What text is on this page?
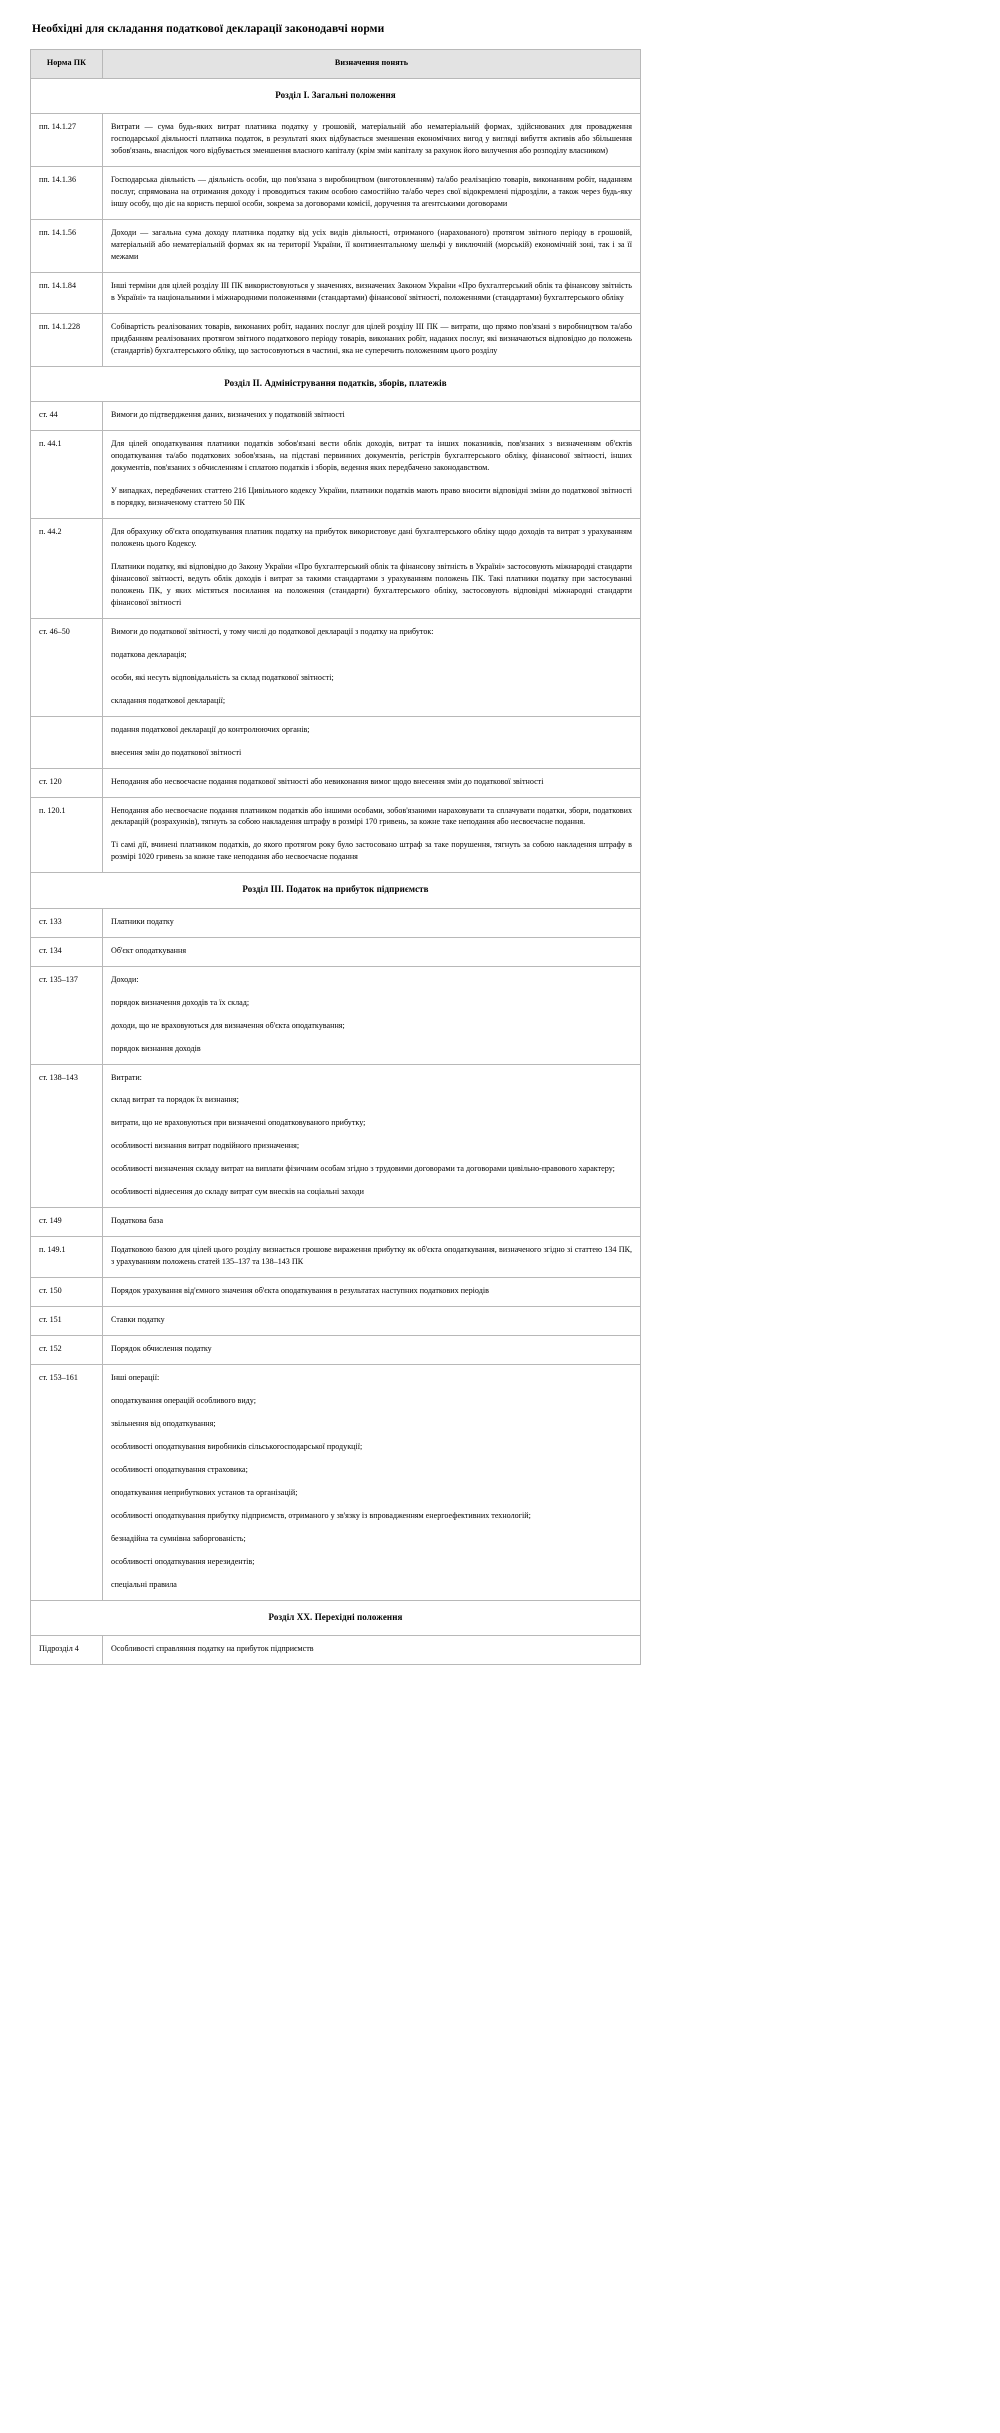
Необхідні для складання податкової декларації законодавчі норми
Норма ПК	Визначення понять
Розділ I. Загальні положення	
пп. 14.1.27	Витрати — сума будь-яких витрат платника податку у грошовій, матеріальній або нематеріальній формах, здійснюваних для провадження господарської діяльності платника податок, в результаті яких відбувається зменшення економічних вигод у вигляді вибуття активів або збільшення зобов'язань, внаслідок чого відбувається зменшення власного капіталу (крім змін капіталу за рахунок його вилучення або розподілу власником)

пп. 14.1.36	Господарська діяльність — діяльність особи, що пов'язана з виробництвом (виготовленням) та/або реалізацією товарів, виконанням робіт, наданням послуг, спрямована на отримання доходу і проводиться таким особою самостійно та/або через свої відокремлені підрозділи, а також через будь-яку іншу особу, що діє на користь першої особи, зокрема за договорами комісії, доручення та агентськими договорами

пп. 14.1.56	Доходи — загальна сума доходу платника податку від усіх видів діяльності, отриманого (нарахованого) протягом звітного періоду в грошовій, матеріальній або нематеріальній формах як на території України, її континентальному шельфі у виключній (морській) економічній зоні, так і за її межами

пп. 14.1.84	Інші терміни для цілей розділу III ПК використовуються у значеннях, визначених Законом України «Про бухгалтерський облік та фінансову звітність в Україні» та національними і міжнародними положеннями (стандартами) фінансової звітності, положеннями (стандартами) бухгалтерського обліку

пп. 14.1.228	Собівартість реалізованих товарів, виконаних робіт, наданих послуг для цілей розділу III ПК — витрати, що прямо пов'язані з виробництвом та/або придбанням реалізованих протягом звітного податкового періоду товарів, виконаних робіт, наданих послуг, які визначаються відповідно до положень (стандартів) бухгалтерського обліку, що застосовуються в частині, яка не суперечить положенням цього розділу

Розділ II. Адміністрування податків, зборів, платежів	
ст. 44	Вимоги до підтвердження даних, визначених у податковій звітності

п. 44.1	Для цілей оподаткування платники податків зобов'язані вести облік доходів, витрат та інших показників, пов'язаних з визначенням об'єктів оподаткування та/або податкових зобов'язань, на підставі первинних документів, регістрів бухгалтерського обліку, фінансової звітності, інших документів, пов'язаних з обчисленням і сплатою податків і зборів, ведення яких передбачено законодавством.

У випадках, передбачених статтею 216 Цивільного кодексу України, платники податків мають право вносити відповідні зміни до податкової звітності в порядку, визначеному статтею 50 ПК

п. 44.2	Для обрахунку об'єкта оподаткування платник податку на прибуток використовує дані бухгалтерського обліку щодо доходів та витрат з урахуванням положень цього Кодексу.

Платники податку, які відповідно до Закону України «Про бухгалтерський облік та фінансову звітність в Україні» застосовують міжнародні стандарти фінансової звітності, ведуть облік доходів і витрат за такими стандартами з урахуванням положень ПК. Такі платники податку при застосуванні положень ПК, у яких містяться посилання на положення (стандарти) бухгалтерського обліку, застосовують відповідні міжнародні стандарти фінансової звітності

ст. 46–50	Вимоги до податкової звітності, у тому числі до податкової декларації з податку на прибуток:

податкова декларація;

особи, які несуть відповідальність за склад податкової звітності;

складання податкової декларації;

	подання податкової декларації до контролюючих органів;

внесення змін до податкової звітності

ст. 120	Неподання або несвоєчасне подання податкової звітності або невиконання вимог щодо внесення змін до податкової звітності

п. 120.1	Неподання або несвоєчасне подання платником податків або іншими особами, зобов'язаними нараховувати та сплачувати податки, збори, податкових декларацій (розрахунків), тягнуть за собою накладення штрафу в розмірі 170 гривень, за кожне таке неподання або несвоєчасне подання.

Ті самі дії, вчинені платником податків, до якого протягом року було застосовано штраф за таке порушення, тягнуть за собою накладення штрафу в розмірі 1020 гривень за кожне таке неподання або несвоєчасне подання

Розділ III. Податок на прибуток підприємств	
ст. 133	Платники податку

ст. 134	Об'єкт оподаткування

ст. 135–137	Доходи:

порядок визначення доходів та їх склад;

доходи, що не враховуються для визначення об'єкта оподаткування;

порядок визнання доходів

ст. 138–143	Витрати:

склад витрат та порядок їх визнання;

витрати, що не враховуються при визначенні оподатковуваного прибутку;

особливості визнання витрат подвійного призначення;

особливості визначення складу витрат на виплати фізичним особам згідно з трудовими договорами та договорами цивільно-правового характеру;

особливості віднесення до складу витрат сум внесків на соціальні заходи

ст. 149	Податкова база

п. 149.1	Податковою базою для цілей цього розділу визнається грошове вираження прибутку як об'єкта оподаткування, визначеного згідно зі статтею 134 ПК, з урахуванням положень статей 135–137 та 138–143 ПК

ст. 150	Порядок урахування від'ємного значення об'єкта оподаткування в результатах наступних податкових періодів

ст. 151	Ставки податку

ст. 152	Порядок обчислення податку

ст. 153–161	Інші операції:

оподаткування операцій особливого виду;

звільнення від оподаткування;

особливості оподаткування виробників сільськогосподарської продукції;

особливості оподаткування страховика;

оподаткування неприбуткових установ та організацій;

особливості оподаткування прибутку підприємств, отриманого у зв'язку із впровадженням енергоефективних технологій;

безнадійна та сумнівна заборгованість;

особливості оподаткування нерезидентів;

спеціальні правила

Розділ XX. Перехідні положення	
Підрозділ 4	Особливості справляння податку на прибуток підприємств
